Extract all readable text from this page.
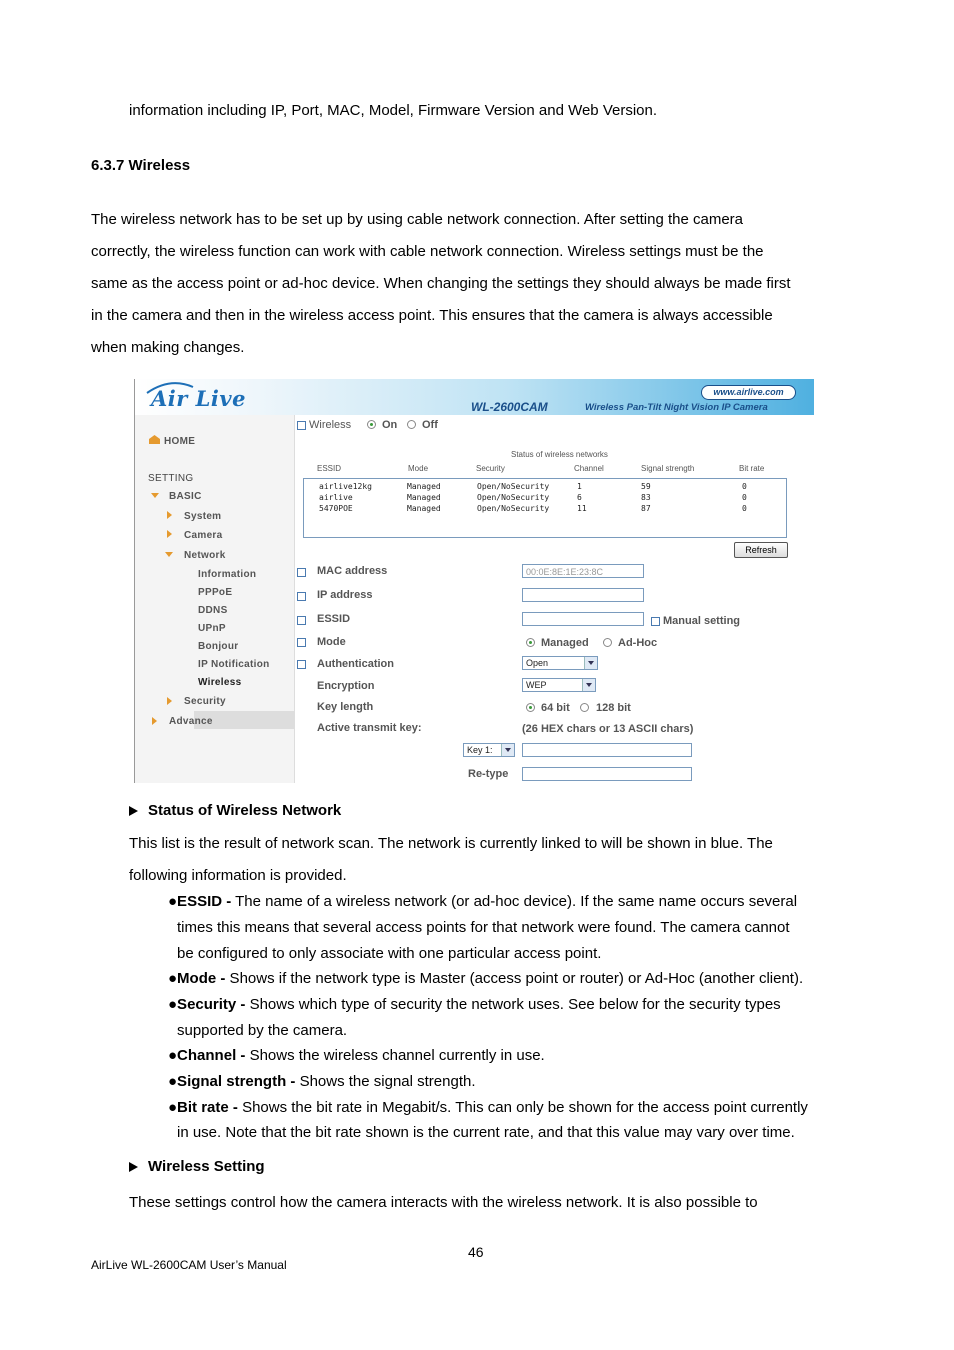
information including IP, Port, MAC, Model, Firmware Version and Web Version.
6.3.7 Wireless
The wireless network has to be set up by using cable network connection. After setting the camera
correctly, the wireless function can work with cable network connection. Wireless settings must be the
same as the access point or ad-hoc device. When changing the settings they should always be made first
in the camera and then in the wireless access point. This ensures that the camera is always accessible
when making changes.
Air Live	www.airlive.com
WL-2600CAM	Wireless Pan-Tilt Night Vision IP Camera
HOME
SETTING
BASIC
System
Camera
Network
Information
PPPoE
DDNS
UPnP
Bonjour
IP Notification
Wireless
Security
Advance
Wireless	On Off
Status of wireless networks
ESSID	Mode	Security	Channel	Signal strength	Bit rate
airlive12kg	Managed	Open/NoSecurity	1	59	0
airlive	Managed	Open/NoSecurity	6	83	0
5470POE	Managed	Open/NoSecurity	11	87	0
Refresh
MAC address	00:0E:8E:1E:23:8C
IP address
ESSID	Manual setting
Mode	Managed	Ad-Hoc
Authentication	Open
Encryption	WEP
Key length	64 bit 128 bit
Active transmit key:	(26 HEX chars or 13 ASCII chars)
Key 1:
Re-type
Status of Wireless Network
This list is the result of network scan. The network is currently linked to will be shown in blue. The
following information is provided.
●ESSID - The name of a wireless network (or ad-hoc device). If the same name occurs several
times this means that several access points for that network were found. The camera cannot
be configured to only associate with one particular access point.
●Mode - Shows if the network type is Master (access point or router) or Ad-Hoc (another client).
●Security - Shows which type of security the network uses. See below for the security types
supported by the camera.
●Channel - Shows the wireless channel currently in use.
●Signal strength - Shows the signal strength.
●Bit rate - Shows the bit rate in Megabit/s. This can only be shown for the access point currently
in use. Note that the bit rate shown is the current rate, and that this value may vary over time.
Wireless Setting
These settings control how the camera interacts with the wireless network. It is also possible to
46
AirLive WL-2600CAM User’s Manual
